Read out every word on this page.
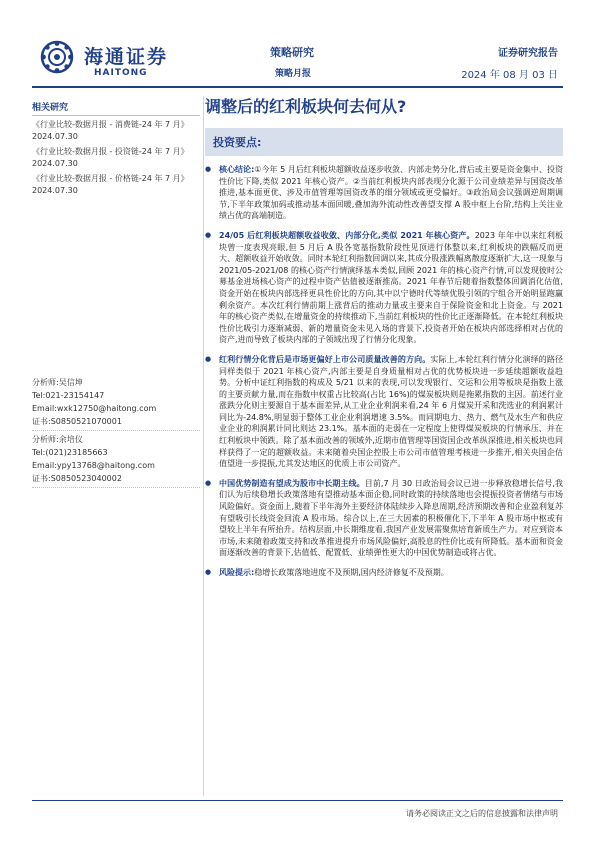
海通证券
HAITONG
策略研究
策略月报
证券研究报告
2024 年 08 月 03 日
相关研究
《行业比较-数据月报 - 消费链-24 年 7 月》
2024.07.30
《行业比较-数据月报 - 投资链-24 年 7 月》
2024.07.30
《行业比较-数据月报 - 价格链-24 年 7 月》
2024.07.30
分析师:吴信坤
Tel:021-23154147
Email:wxk12750@haitong.com
证书:S0850521070001
分析师:余培仪
Tel:(021)23185663
Email:ypy13768@haitong.com
证书:S0850523040002
调整后的红利板块何去何从?
投资要点:
● 核心结论:①今年 5 月后红利板块超额收益逐步收敛、内部走势分化,背后或主要是资金集中、投资性价比下降,类似 2021 年核心资产。②当前红利板块内部表现分化源于公司业绩差异与国资改革推进,基本面更优、涉及市值管理等国资改革的细分领域或更受偏好。③政治局会议强调逆周期调节,下半年政策加码或推动基本面回暖,叠加海外流动性改善望支撑 A 股中枢上台阶,结构上关注业绩占优的高端制造。
● 24/05 后红利板块超额收益收敛、内部分化,类似 2021 年核心资产。2023 年年中以来红利板块曾一度表现亮眼,但 5 月后 A 股各宽基指数阶段性见顶进行体整以来,红利板块的跌幅反而更大、超额收益开始收敛。同时本轮红利指数回调以来,其成分股涨跌幅离散度逐渐扩大,这一现象与 2021/05-2021/08 的核心资产行情演绎基本类似,回顾 2021 年的核心资产行情,可以发现彼时公募基金进场核心资产的过程中资产估值被逐渐推高。2021 年春节后随着指数整体回调消化估值,资金开始在板块内部选择更具性价比的方向,其中以宁德时代等绩优股引领的宁组合开始明显跑赢剩余资产。本次红利行情前期上涨背后的推动力量或主要来自于保险资金和北上资金。与 2021 年的核心资产类似,在增量资金的持续推动下,当前红利板块的性价比正逐渐降低。在本轮红利板块性价比吸引力逐渐减弱、新的增量资金未见入场的背景下,投资者开始在板块内部选择相对占优的资产,进而导致了板块内部的子领域出现了行情分化现象。
● 红利行情分化背后是市场更偏好上市公司质量改善的方向。实际上,本轮红利行情分化演绎的路径同样类似于 2021 年核心资产,内部主要是自身质量相对占优的优势板块进一步延续超额收益趋势。分析中证红利指数的构成及 5/21 以来的表现,可以发现银行、交运和公用等板块是指数上涨的主要贡献力量,而在指数中权重占比较高(占比 16%)的煤炭板块则是拖累指数的主因。前述行业涨跌分化则主要源自于基本面差异,从工业企业利润来看,24 年 6 月煤炭开采和洗选业的利润累计同比为-24.8%,明显弱于整体工业企业利润增速 3.5%。而同期电力、热力、燃气及水生产和供应业企业的利润累计同比则达 23.1%。基本面的走弱在一定程度上使得煤炭板块的行情承压、并在红利板块中领跌。除了基本面改善的领域外,近期市值管理等国资国企改革纵深推进,相关板块也同样获得了一定的超额收益。未来随着央国企控股上市公司市值管理考核进一步推开,相关央国企估值望进一步提振,尤其发达地区的优质上市公司资产。
● 中国优势制造有望成为股市中长期主线。目前,7 月 30 日政治局会议已进一步释放稳增长信号,我们认为后续稳增长政策落地有望推动基本面企稳,同时政策的持续落地也会提振投资者情绪与市场风险偏好。资金面上,随着下半年海外主要经济体陆续步入降息周期,经济预期改善和企业盈利复苏有望吸引长线资金回流 A 股市场。综合以上,在三大因素的积极催化下,下半年 A 股市场中枢或有望较上半年有所抬升。结构层面,中长期维度看,我国产业发展需聚焦培育新质生产力。对应到资本市场,未来随着政策支持和改革推进提升市场风险偏好,高股息的性价比或有所降低。基本面和资金面逐渐改善的背景下,估值低、配置低、业绩弹性更大的中国优势制造或将占优。
● 风险提示:稳增长政策落地进度不及预期,国内经济修复不及预期。
请务必阅读正文之后的信息披露和法律声明
